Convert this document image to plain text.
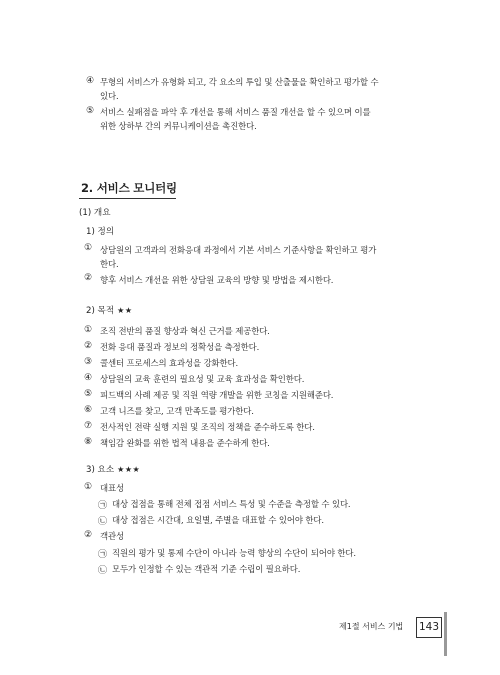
④ 무형의 서비스가 유형화 되고, 각 요소의 투입 및 산출물을 확인하고 평가할 수
있다.
⑤ 서비스 실패점을 파악 후 개선을 통해 서비스 품질 개선을 할 수 있으며 이를
위한 상하부 간의 커뮤니케이션을 촉진한다.
2. 서비스 모니터링
(1) 개요
1) 정의
① 상담원의 고객과의 전화응대 과정에서 기본 서비스 기준사항을 확인하고 평가
한다.
② 향후 서비스 개선을 위한 상담원 교육의 방향 및 방법을 제시한다.
2) 목적 ★★
① 조직 전반의 품질 향상과 혁신 근거를 제공한다.
② 전화 응대 품질과 정보의 정확성을 측정한다.
③ 콜센터 프로세스의 효과성을 강화한다.
④ 상담원의 교육 훈련의 필요성 및 교육 효과성을 확인한다.
⑤ 피드백의 사례 제공 및 직원 역량 개발을 위한 코칭을 지원해준다.
⑥ 고객 니즈를 찾고, 고객 만족도를 평가한다.
⑦ 전사적인 전략 실행 지원 및 조직의 정책을 준수하도록 한다.
⑧ 책임감 완화를 위한 법적 내용을 준수하게 한다.
3) 요소 ★★★
① 대표성
㉠ 대상 접점을 통해 전체 접점 서비스 특성 및 수준을 측정할 수 있다.
㉡ 대상 접점은 시간대, 요일별, 주별을 대표할 수 있어야 한다.
② 객관성
㉠ 직원의 평가 및 통제 수단이 아니라 능력 향상의 수단이 되어야 한다.
㉡ 모두가 인정할 수 있는 객관적 기준 수립이 필요하다.
제1절 서비스 기법 143
